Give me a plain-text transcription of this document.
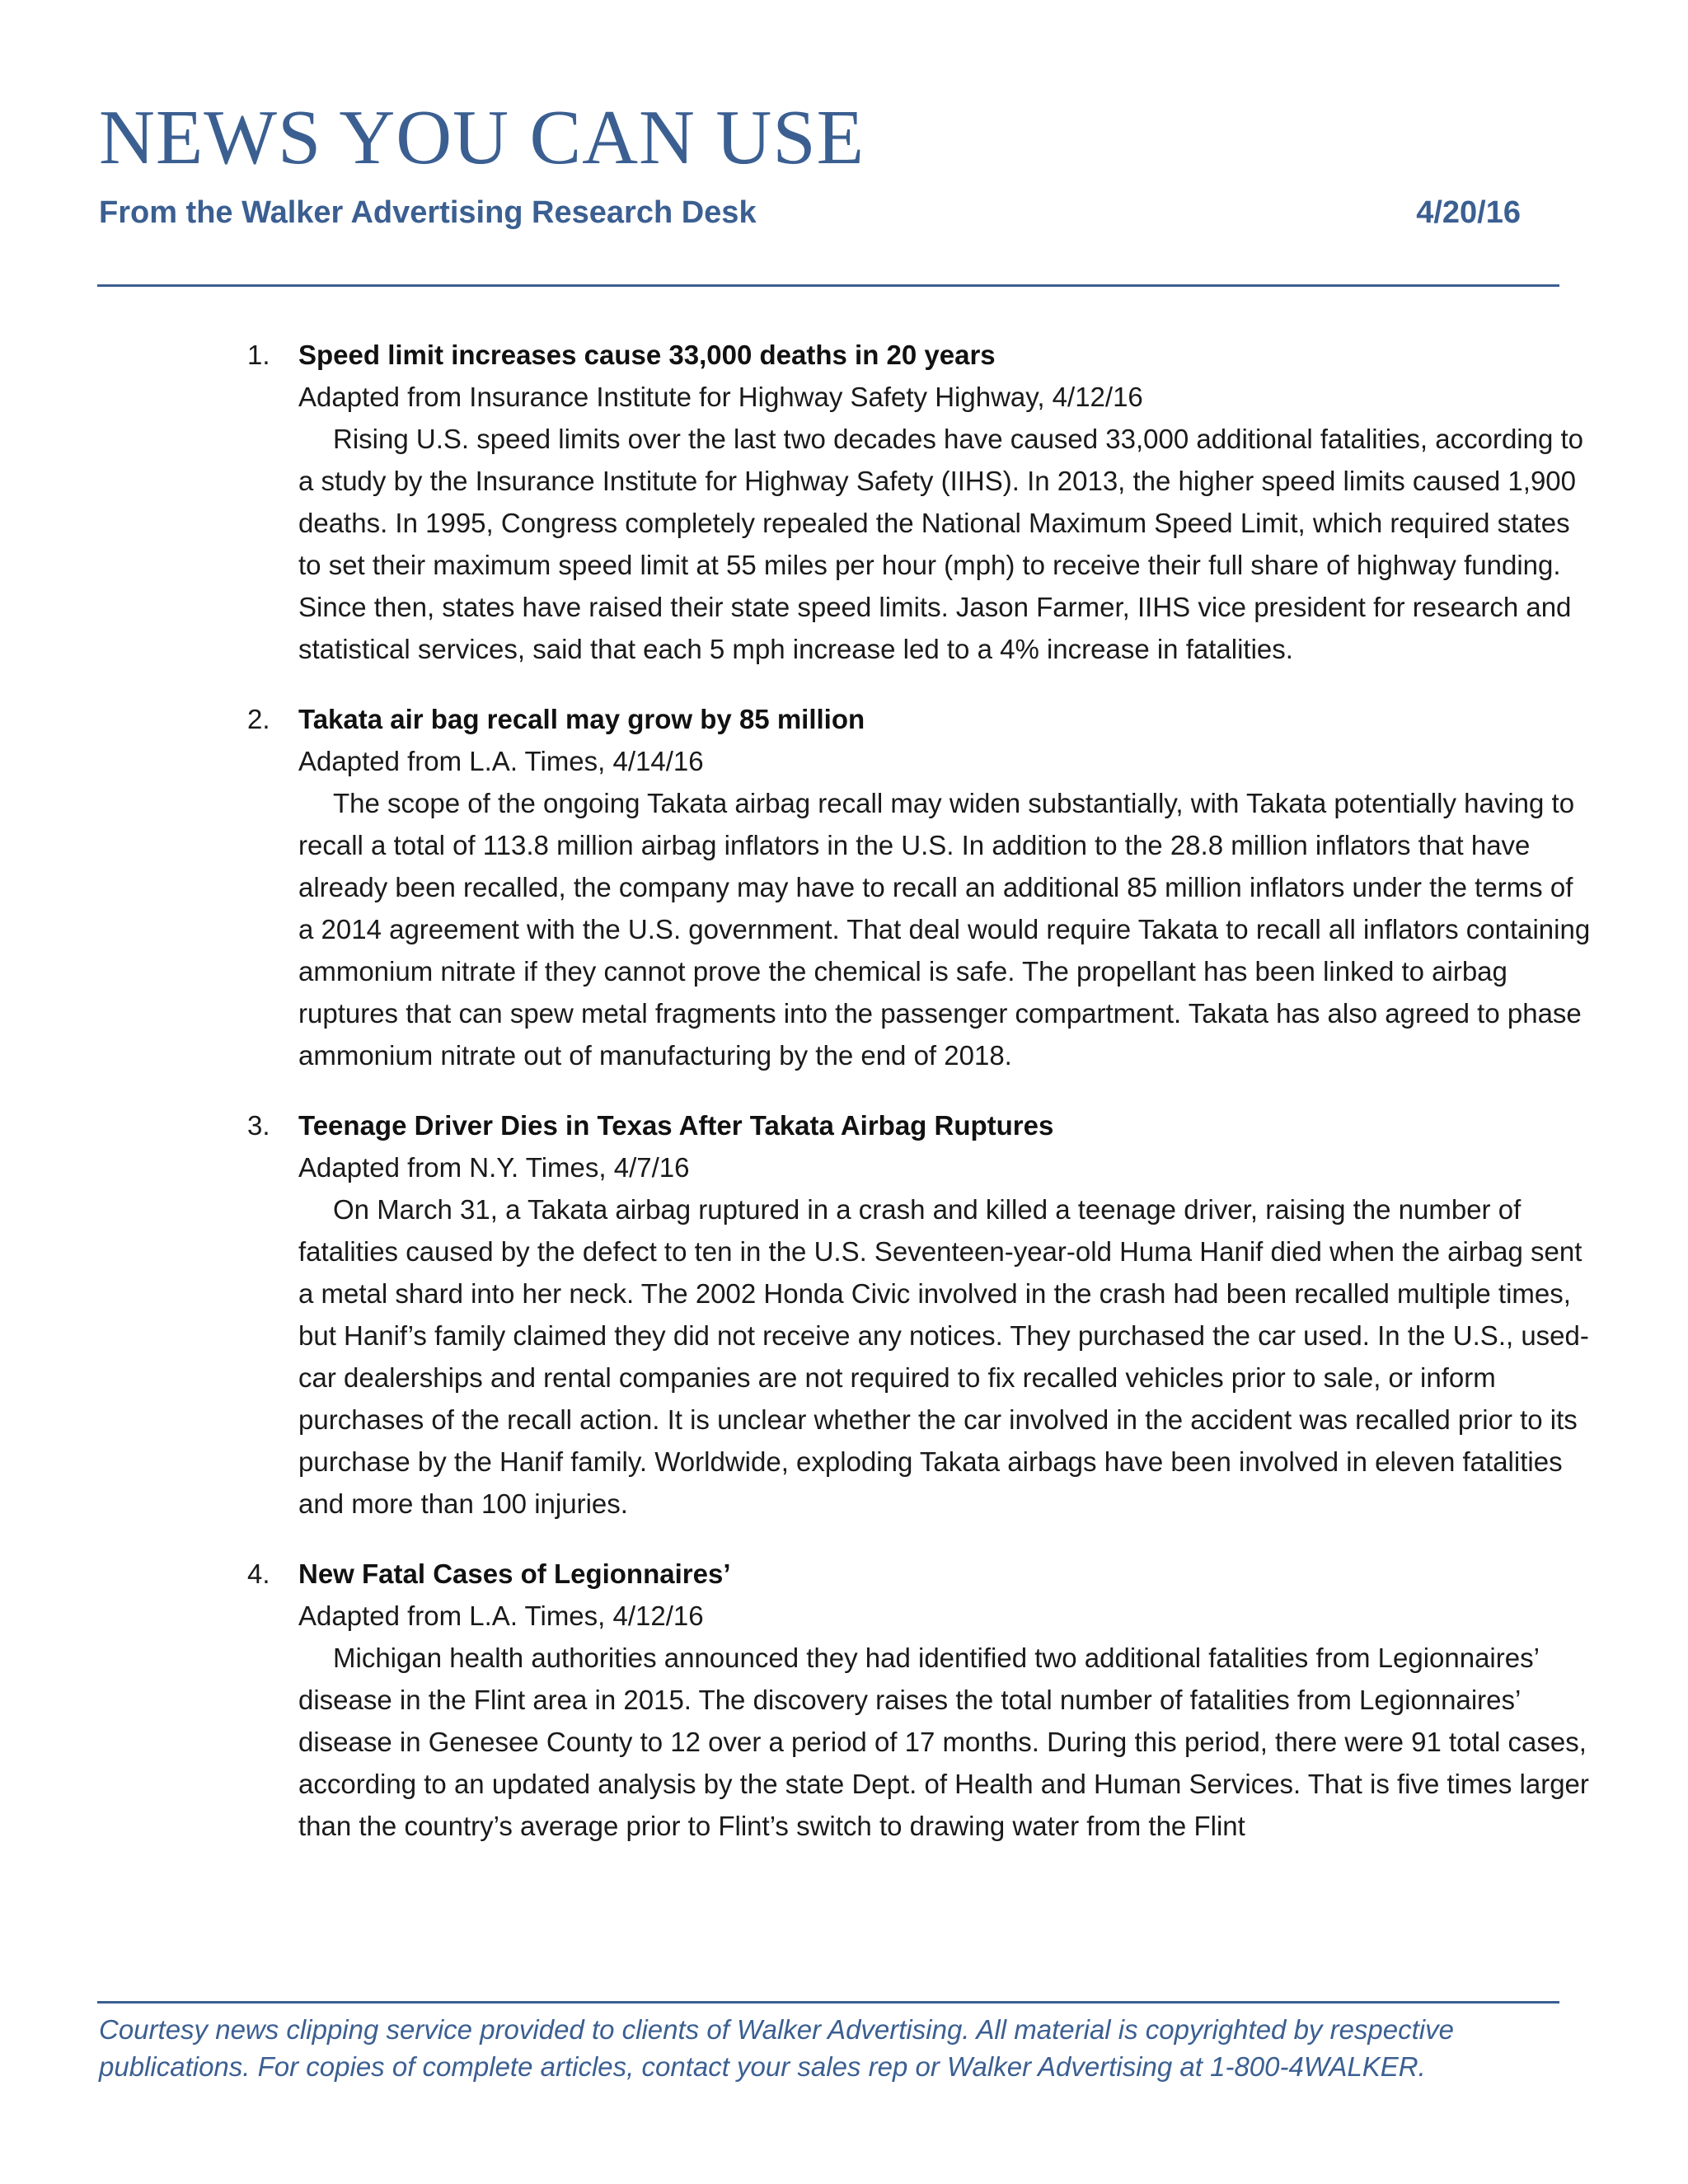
NEWS YOU CAN USE
From the Walker Advertising Research Desk	4/20/16
1. Speed limit increases cause 33,000 deaths in 20 years
Adapted from Insurance Institute for Highway Safety Highway, 4/12/16

Rising U.S. speed limits over the last two decades have caused 33,000 additional fatalities, according to a study by the Insurance Institute for Highway Safety (IIHS). In 2013, the higher speed limits caused 1,900 deaths. In 1995, Congress completely repealed the National Maximum Speed Limit, which required states to set their maximum speed limit at 55 miles per hour (mph) to receive their full share of highway funding. Since then, states have raised their state speed limits. Jason Farmer, IIHS vice president for research and statistical services, said that each 5 mph increase led to a 4% increase in fatalities.

2. Takata air bag recall may grow by 85 million
Adapted from L.A. Times, 4/14/16

The scope of the ongoing Takata airbag recall may widen substantially, with Takata potentially having to recall a total of 113.8 million airbag inflators in the U.S. In addition to the 28.8 million inflators that have already been recalled, the company may have to recall an additional 85 million inflators under the terms of a 2014 agreement with the U.S. government. That deal would require Takata to recall all inflators containing ammonium nitrate if they cannot prove the chemical is safe. The propellant has been linked to airbag ruptures that can spew metal fragments into the passenger compartment. Takata has also agreed to phase ammonium nitrate out of manufacturing by the end of 2018.

3. Teenage Driver Dies in Texas After Takata Airbag Ruptures
Adapted from N.Y. Times, 4/7/16

On March 31, a Takata airbag ruptured in a crash and killed a teenage driver, raising the number of fatalities caused by the defect to ten in the U.S. Seventeen-year-old Huma Hanif died when the airbag sent a metal shard into her neck. The 2002 Honda Civic involved in the crash had been recalled multiple times, but Hanif’s family claimed they did not receive any notices. They purchased the car used. In the U.S., used-car dealerships and rental companies are not required to fix recalled vehicles prior to sale, or inform purchases of the recall action. It is unclear whether the car involved in the accident was recalled prior to its purchase by the Hanif family. Worldwide, exploding Takata airbags have been involved in eleven fatalities and more than 100 injuries.

4. New Fatal Cases of Legionnaires’
Adapted from L.A. Times, 4/12/16

Michigan health authorities announced they had identified two additional fatalities from Legionnaires’ disease in the Flint area in 2015. The discovery raises the total number of fatalities from Legionnaires’ disease in Genesee County to 12 over a period of 17 months. During this period, there were 91 total cases, according to an updated analysis by the state Dept. of Health and Human Services. That is five times larger than the country’s average prior to Flint’s switch to drawing water from the Flint

Courtesy news clipping service provided to clients of Walker Advertising. All material is copyrighted by respective publications. For copies of complete articles, contact your sales rep or Walker Advertising at 1-800-4WALKER.
